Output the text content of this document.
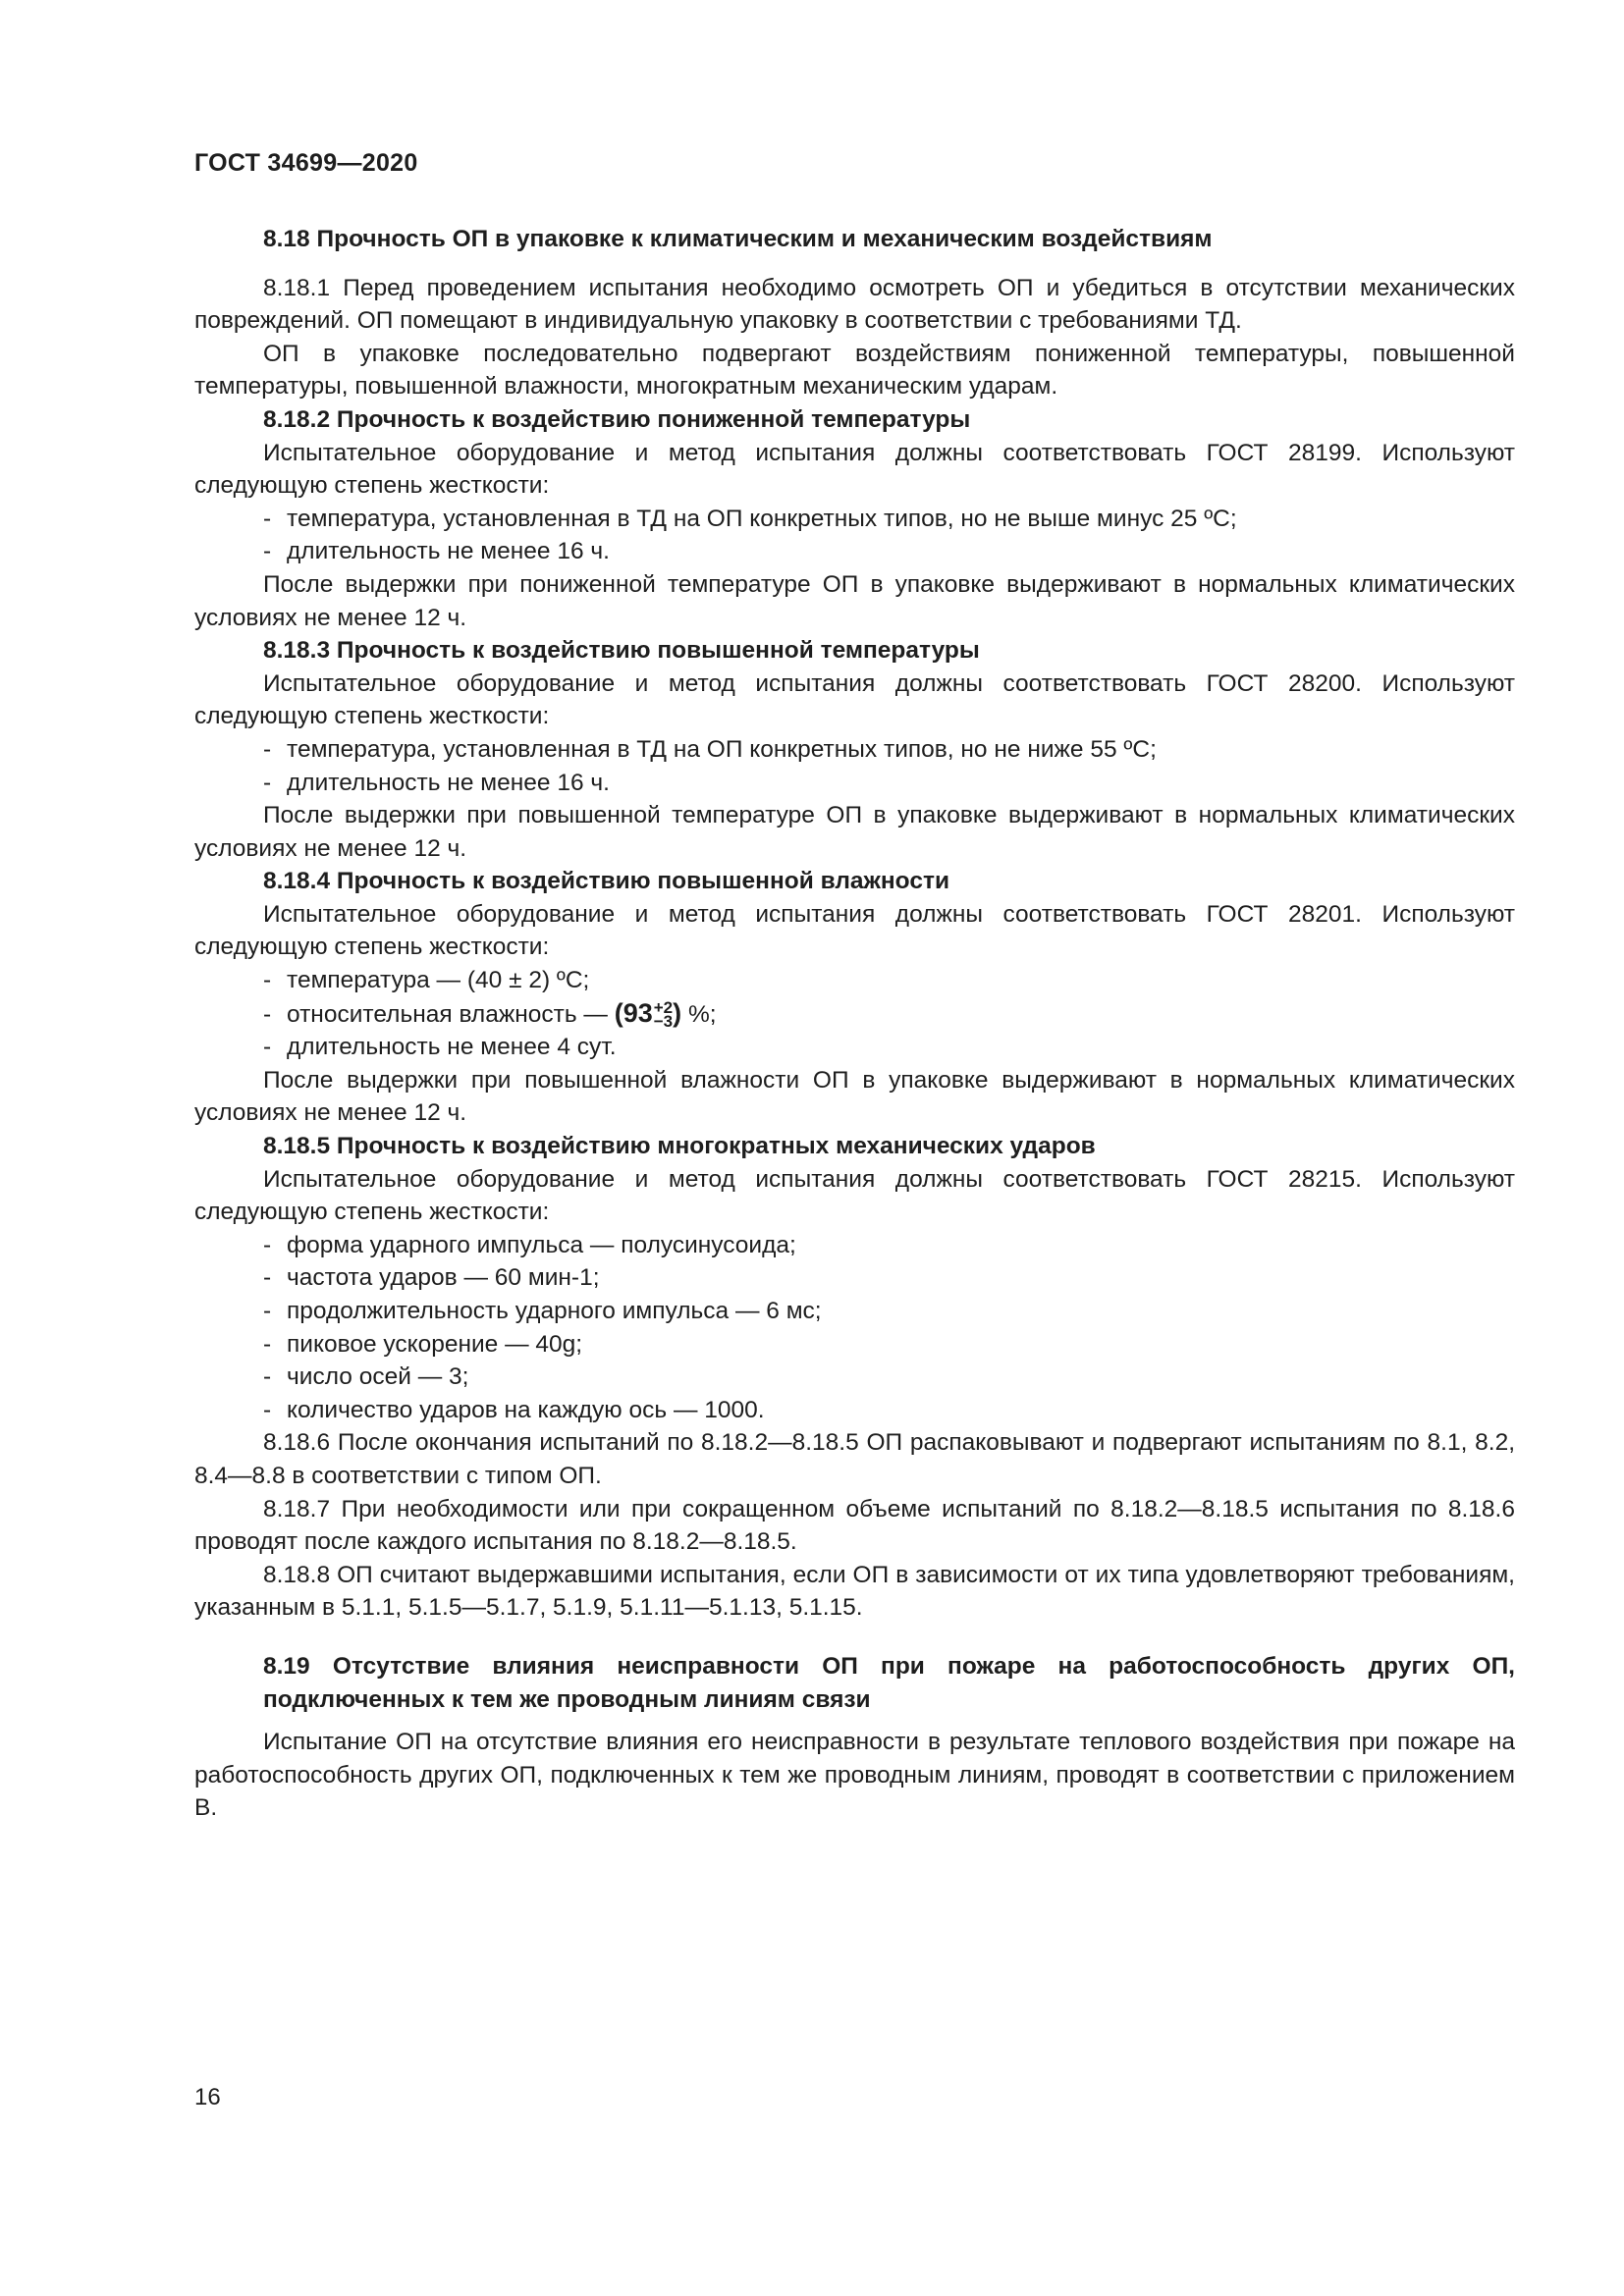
ГОСТ 34699—2020

8.18 Прочность ОП в упаковке к климатическим и механическим воздействиям

8.18.1 Перед проведением испытания необходимо осмотреть ОП и убедиться в отсутствии механических повреждений. ОП помещают в индивидуальную упаковку в соответствии с требованиями ТД.

ОП в упаковке последовательно подвергают воздействиям пониженной температуры, повышенной температуры, повышенной влажности, многократным механическим ударам.

8.18.2 Прочность к воздействию пониженной температуры

Испытательное оборудование и метод испытания должны соответствовать ГОСТ 28199. Используют следующую степень жесткости:

- температура, установленная в ТД на ОП конкретных типов, но не выше минус 25 ºС;

- длительность не менее 16 ч.

После выдержки при пониженной температуре ОП в упаковке выдерживают в нормальных климатических условиях не менее 12 ч.

8.18.3 Прочность к воздействию повышенной температуры

Испытательное оборудование и метод испытания должны соответствовать ГОСТ 28200. Используют следующую степень жесткости:

- температура, установленная в ТД на ОП конкретных типов, но не ниже 55 ºС;

- длительность не менее 16 ч.

После выдержки при повышенной температуре ОП в упаковке выдерживают в нормальных климатических условиях не менее 12 ч.

8.18.4 Прочность к воздействию повышенной влажности

Испытательное оборудование и метод испытания должны соответствовать ГОСТ 28201. Используют следующую степень жесткости:

- температура — (40 ± 2) ºС;

- относительная влажность — (93 +2
−3 ) %;

- длительность не менее 4 сут.

После выдержки при повышенной влажности ОП в упаковке выдерживают в нормальных климатических условиях не менее 12 ч.

8.18.5 Прочность к воздействию многократных механических ударов

Испытательное оборудование и метод испытания должны соответствовать ГОСТ 28215. Используют следующую степень жесткости:

- форма ударного импульса — полусинусоида;

- частота ударов — 60 мин-1;

- продолжительность ударного импульса — 6 мс;

- пиковое ускорение — 40g;

- число осей — 3;

- количество ударов на каждую ось — 1000.

8.18.6 После окончания испытаний по 8.18.2—8.18.5 ОП распаковывают и подвергают испытаниям по 8.1, 8.2, 8.4—8.8 в соответствии с типом ОП.

8.18.7 При необходимости или при сокращенном объеме испытаний по 8.18.2—8.18.5 испытания по 8.18.6 проводят после каждого испытания по 8.18.2—8.18.5.

8.18.8 ОП считают выдержавшими испытания, если ОП в зависимости от их типа удовлетворяют требованиям, указанным в 5.1.1, 5.1.5—5.1.7, 5.1.9, 5.1.11—5.1.13, 5.1.15.

8.19 Отсутствие влияния неисправности ОП при пожаре на работоспособность других ОП, подключенных к тем же проводным линиям связи

Испытание ОП на отсутствие влияния его неисправности в результате теплового воздействия при пожаре на работоспособность других ОП, подключенных к тем же проводным линиям, проводят в соответствии с приложением В.

16
